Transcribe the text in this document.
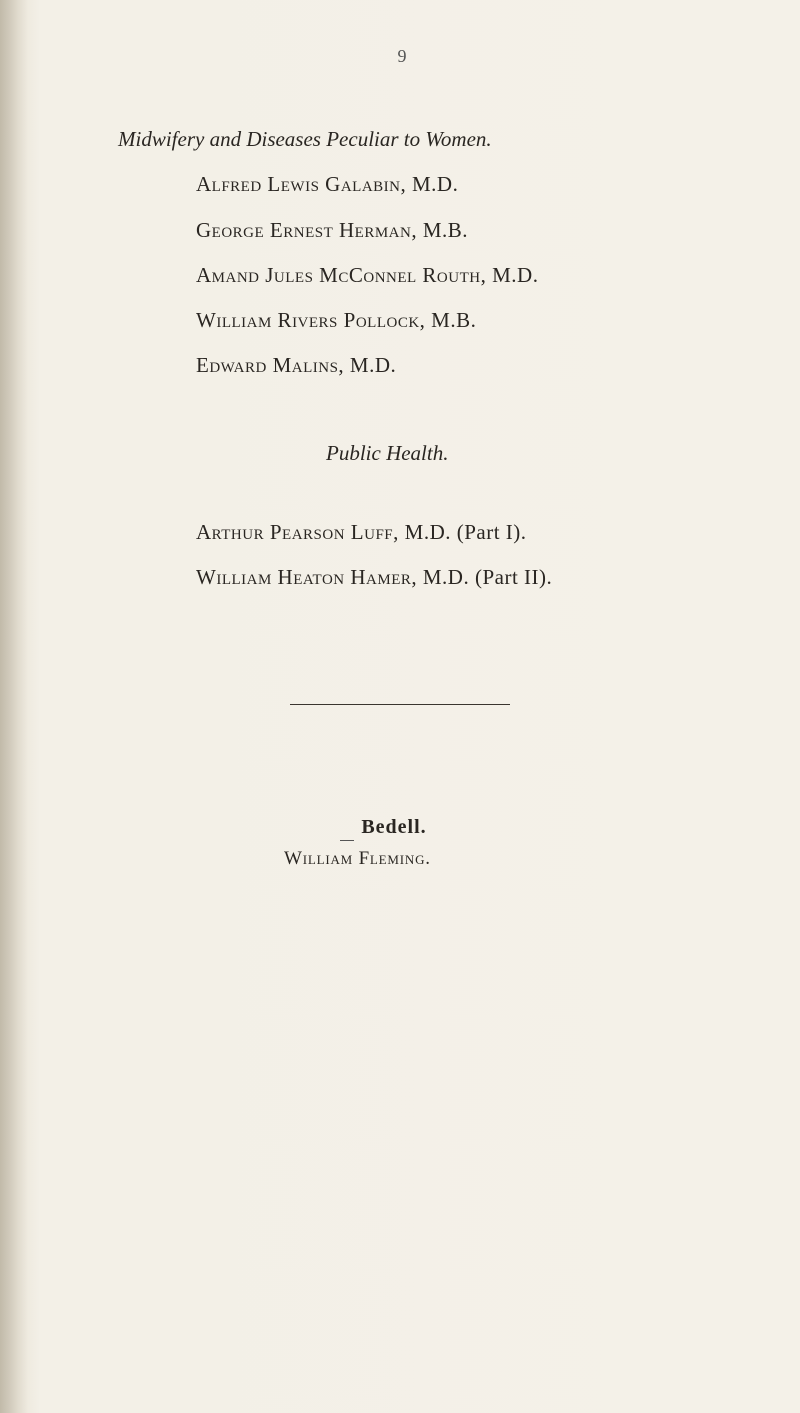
9
Midwifery and Diseases Peculiar to Women.
Alfred Lewis Galabin, M.D.
George Ernest Herman, M.B.
Amand Jules McConnel Routh, M.D.
William Rivers Pollock, M.B.
Edward Malins, M.D.
Public Health.
Arthur Pearson Luff, M.D. (Part I).
William Heaton Hamer, M.D. (Part II).
Bedell.
William Fleming.
